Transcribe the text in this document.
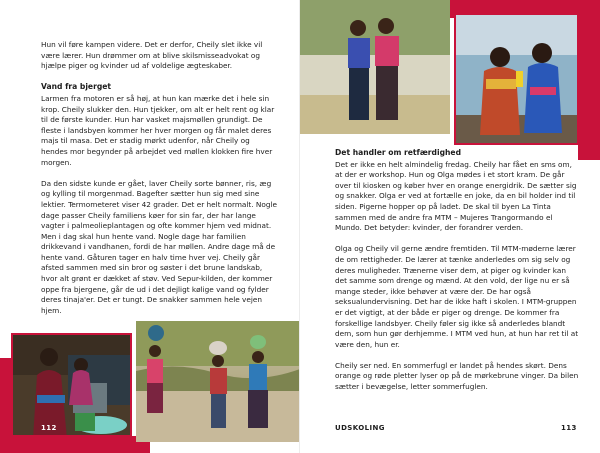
Hun vil føre kampen videre. Det er derfor, Cheily slet ikke vil være lærer. Hun drømmer om at blive skilsmisseadvokat og hjælpe piger og kvinder ud af voldelige ægteskaber.

Vand fra bjerget

Larmen fra motoren er så høj, at hun kan mærke det i hele sin krop. Cheily slukker den. Hun tjekker, om alt er helt rent og klar til de første kunder. Hun har vasket majsmøllen grundigt. De fleste i landsbyen kommer her hver morgen og får malet deres majs til masa. Det er stadig mørkt udenfor, når Cheily og hendes mor begynder på arbejdet ved møllen klokken fire hver morgen.

Da den sidste kunde er gået, laver Cheily sorte bønner, ris, æg og kylling til morgenmad. Bagefter sætter hun sig med sine lektier. Termometeret viser 42 grader. Det er helt normalt. Nogle dage passer Cheily familiens køer for sin far, der har lange vagter i palmeolieplantagen og ofte kommer hjem ved midnat. Men i dag skal hun hente vand. Nogle dage har familien drikkevand i vandhanen, fordi de har møllen. Andre dage må de hente vand. Gåturen tager en halv time hver vej. Cheily går afsted sammen med sin bror og søster i det brune landskab, hvor alt grønt er dækket af støv. Ved Sepur-kilden, der kommer oppe fra bjergene, går de ud i det dejligt kølige vand og fylder deres tinaja'er. Det er tungt. De snakker sammen hele vejen hjem.

112
Det handler om retfærdighed

Det er ikke en helt almindelig fredag. Cheily har fået en sms om, at der er workshop. Hun og Olga mødes i et stort kram. De går over til kiosken og køber hver en orange energidrik. De sætter sig og snakker. Olga er ved at fortælle en joke, da en bil holder ind til siden. Pigerne hopper op på ladet. De skal til byen La Tinta sammen med de andre fra MTM – Mujeres Trangormando el Mundo. Det betyder: kvinder, der forandrer verden.

Olga og Cheily vil gerne ændre fremtiden. Til MTM-møderne lærer de om rettigheder. De lærer at tænke anderledes om sig selv og deres muligheder. Trænerne viser dem, at piger og kvinder kan det samme som drenge og mænd. At den vold, der lige nu er så mange steder, ikke behøver at være der. De har også seksualundervisning. Det har de ikke haft i skolen. I MTM-gruppen er det vigtigt, at der både er piger og drenge. De kommer fra forskellige landsbyer. Cheily føler sig ikke så anderledes blandt dem, som hun gør derhjemme. I MTM ved hun, at hun har ret til at være den, hun er.

Cheily ser ned. En sommerfugl er landet på hendes skørt. Dens orange og røde pletter lyser op på de mørkebrune vinger. Da bilen sætter i bevægelse, letter sommerfuglen.

UDSKOLING	113
